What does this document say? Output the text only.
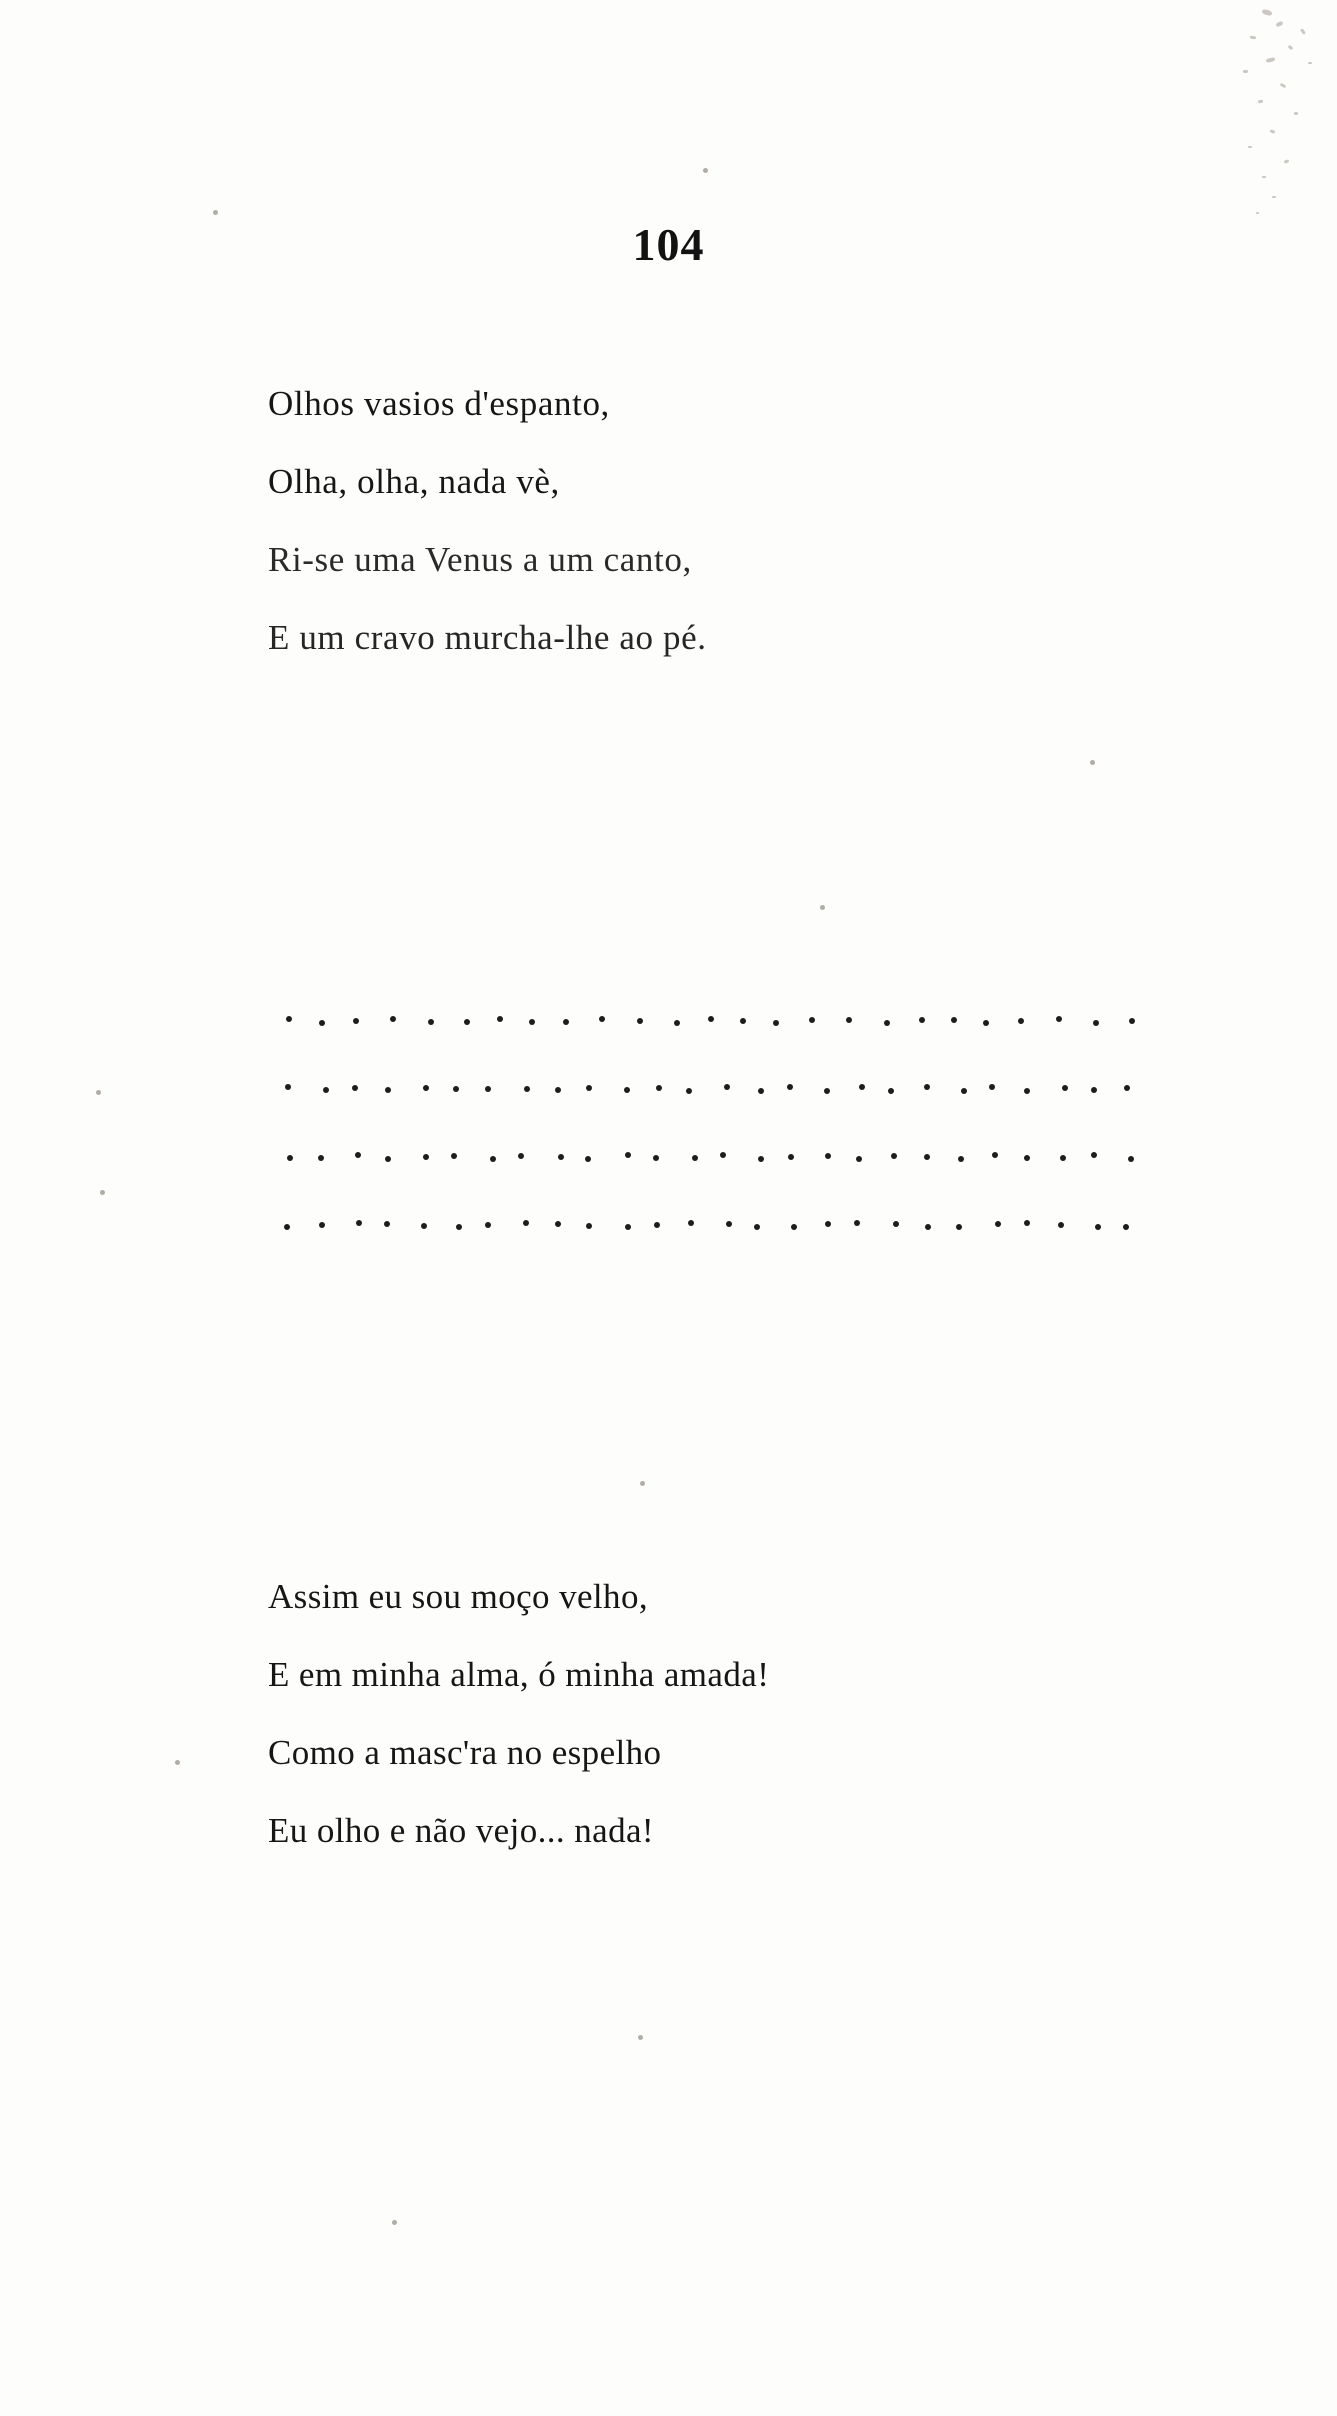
104
Olhos vasios d'espanto,
Olha, olha, nada vè,
Ri-se uma Venus a um canto,
E um cravo murcha-lhe ao pé.
Assim eu sou moço velho,
E em minha alma, ó minha amada!
Como a masc'ra no espelho
Eu olho e não vejo... nada!
